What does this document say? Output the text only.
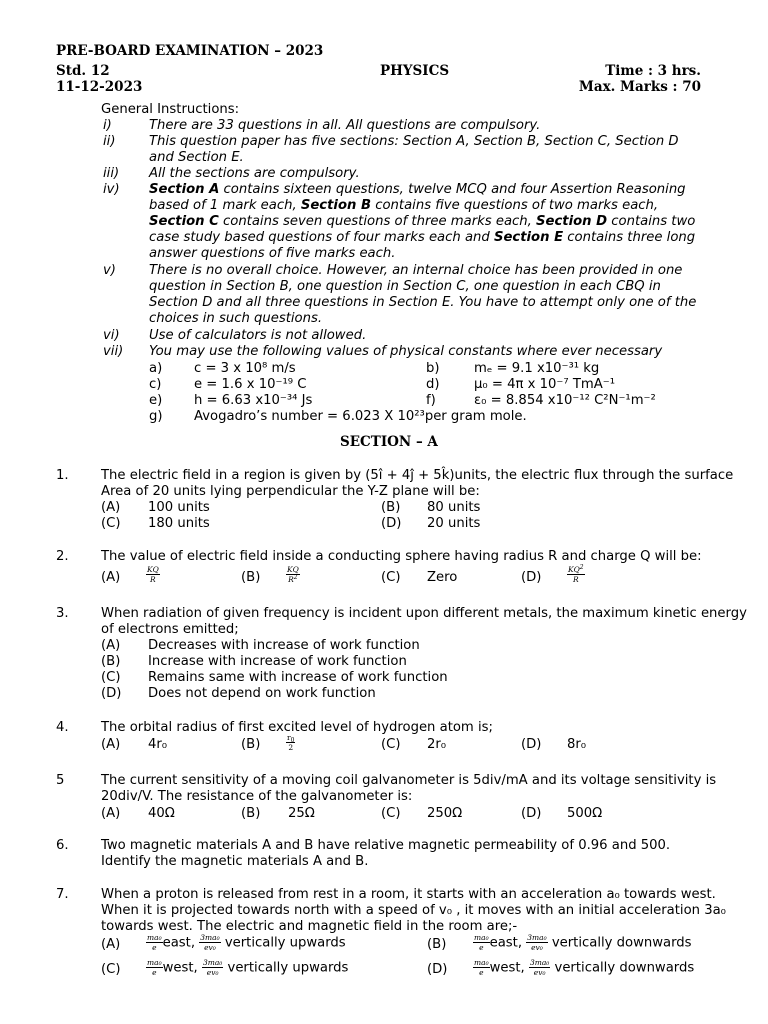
PRE-BOARD EXAMINATION – 2023
Std. 12	PHYSICS	Time : 3 hrs.
11-12-2023	Max. Marks : 70
General Instructions:
i)	There are 33 questions in all. All questions are compulsory.
ii)	This question paper has five sections: Section A, Section B, Section C, Section D
and Section E.
iii) All the sections are compulsory.
iv) Section A contains sixteen questions, twelve MCQ and four Assertion Reasoning
based of 1 mark each, Section B contains five questions of two marks each,
Section C contains seven questions of three marks each, Section D contains two
case study based questions of four marks each and Section E contains three long
answer questions of five marks each.
v)	There is no overall choice. However, an internal choice has been provided in one
question in Section B, one question in Section C, one question in each CBQ in
Section D and all three questions in Section E. You have to attempt only one of the
choices in such questions.
vi) Use of calculators is not allowed.
vii) You may use the following values of physical constants where ever necessary
a) c = 3 x 10⁸ m/s	b)	mₑ = 9.1 x10⁻³¹ kg
c) e = 1.6 x 10⁻¹⁹ C	d)	μ₀ = 4π x 10⁻⁷ TmA⁻¹
e) h = 6.63 x10⁻³⁴ Js	f)	ε₀ = 8.854 x10⁻¹² C²N⁻¹m⁻²
g) Avogadro’s number = 6.023 X 10²³per gram mole.
SECTION – A
1. The electric field in a region is given by (5î + 4ĵ + 5k̂)units, the electric flux through the surface
Area of 20 units lying perpendicular the Y-Z plane will be:
(A) 100 units	(B) 80 units
(C) 180 units	(D) 20 units
2. The value of electric field inside a conducting sphere having radius R and charge Q will be:
(A)	$\frac{KQ}{R}$	(B)	$\frac{KQ}{R^2}$	(C) Zero	(D)	$\frac{KQ^2}{R}$
3. When radiation of given frequency is incident upon different metals, the maximum kinetic energy
of electrons emitted;
(A) Decreases with increase of work function
(B) Increase with increase of work function
(C) Remains same with increase of work function
(D) Does not depend on work function
4. The orbital radius of first excited level of hydrogen atom is;
(A) 4r₀	(B)	$\frac{r_0}{2}$	(C) 2r₀	(D) 8r₀
5	The current sensitivity of a moving coil galvanometer is 5div/mA and its voltage sensitivity is
20div/V. The resistance of the galvanometer is:
(A) 40Ω	(B) 25Ω	(C) 250Ω	(D) 500Ω
6. Two magnetic materials A and B have relative magnetic permeability of 0.96 and 500.
Identify the magnetic materials A and B.
7. When a proton is released from rest in a room, it starts with an acceleration a₀ towards west.
When it is projected towards north with a speed of v₀ , it moves with an initial acceleration 3a₀
towards west. The electric and magnetic field in the room are;-
(A)	$\frac{\text{ma₀}}{e}$ east, $\frac{\text{3ma₀}}{\text{ev₀}}$ vertically upwards	(B)	$\frac{\text{ma₀}}{e}$ east, $\frac{\text{3ma₀}}{\text{ev₀}}$ vertically downwards
(C)	$\frac{\text{ma₀}}{e}$ west, $\frac{\text{3ma₀}}{\text{ev₀}}$ vertically upwards	(D)	$\frac{\text{ma₀}}{e}$ west, $\frac{\text{3ma₀}}{\text{ev₀}}$ vertically downwards
